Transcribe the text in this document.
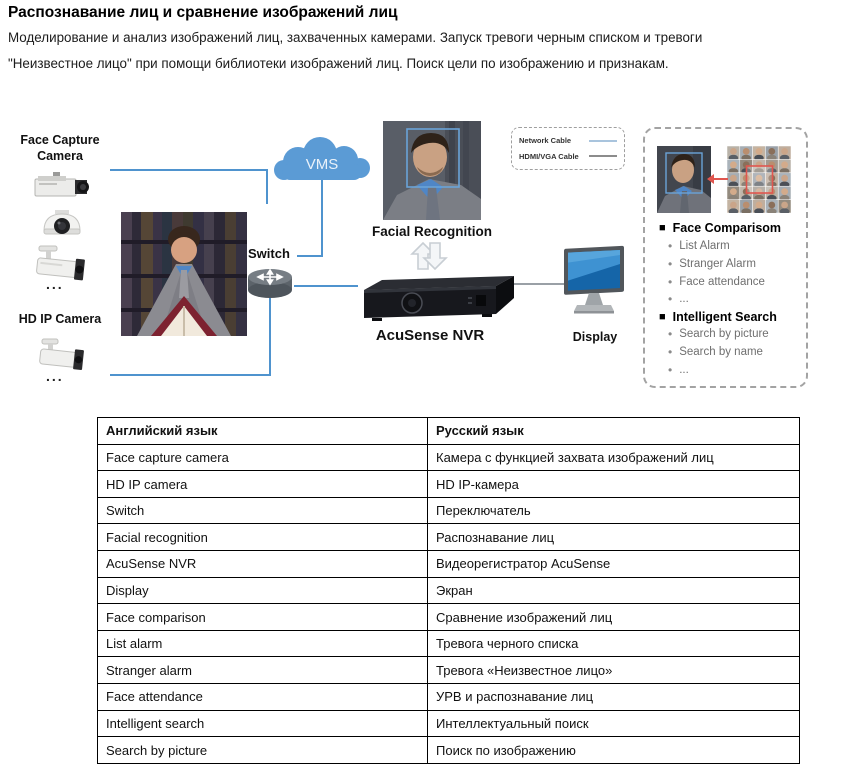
Распознавание лиц и сравнение изображений лиц
Моделирование и анализ изображений лиц, захваченных камерами. Запуск тревоги черным списком и тревоги
"Неизвестное лицо" при помощи библиотеки изображений лиц. Поиск цели по изображению и признакам.
Face Capture Camera
...
HD IP Camera
...
VMS
Switch
Facial Recognition
AcuSense NVR	Display
Network Cable
HDMI/VGA Cable
■ Face Comparisom
• List Alarm
• Stranger Alarm
• Face attendance
• ...
■ Intelligent Search
• Search by picture
• Search by name
• ...
Английский язык	Русский язык
Face capture camera	Камера с функцией захвата изображений лиц
HD IP camera	HD IP-камера
Switch	Переключатель
Facial recognition	Распознавание лиц
AcuSense NVR	Видеорегистратор AcuSense
Display	Экран
Face comparison	Сравнение изображений лиц
List alarm	Тревога черного списка
Stranger alarm	Тревога «Неизвестное лицо»
Face attendance	УРВ и распознавание лиц
Intelligent search	Интеллектуальный поиск
Search by picture	Поиск по изображению
